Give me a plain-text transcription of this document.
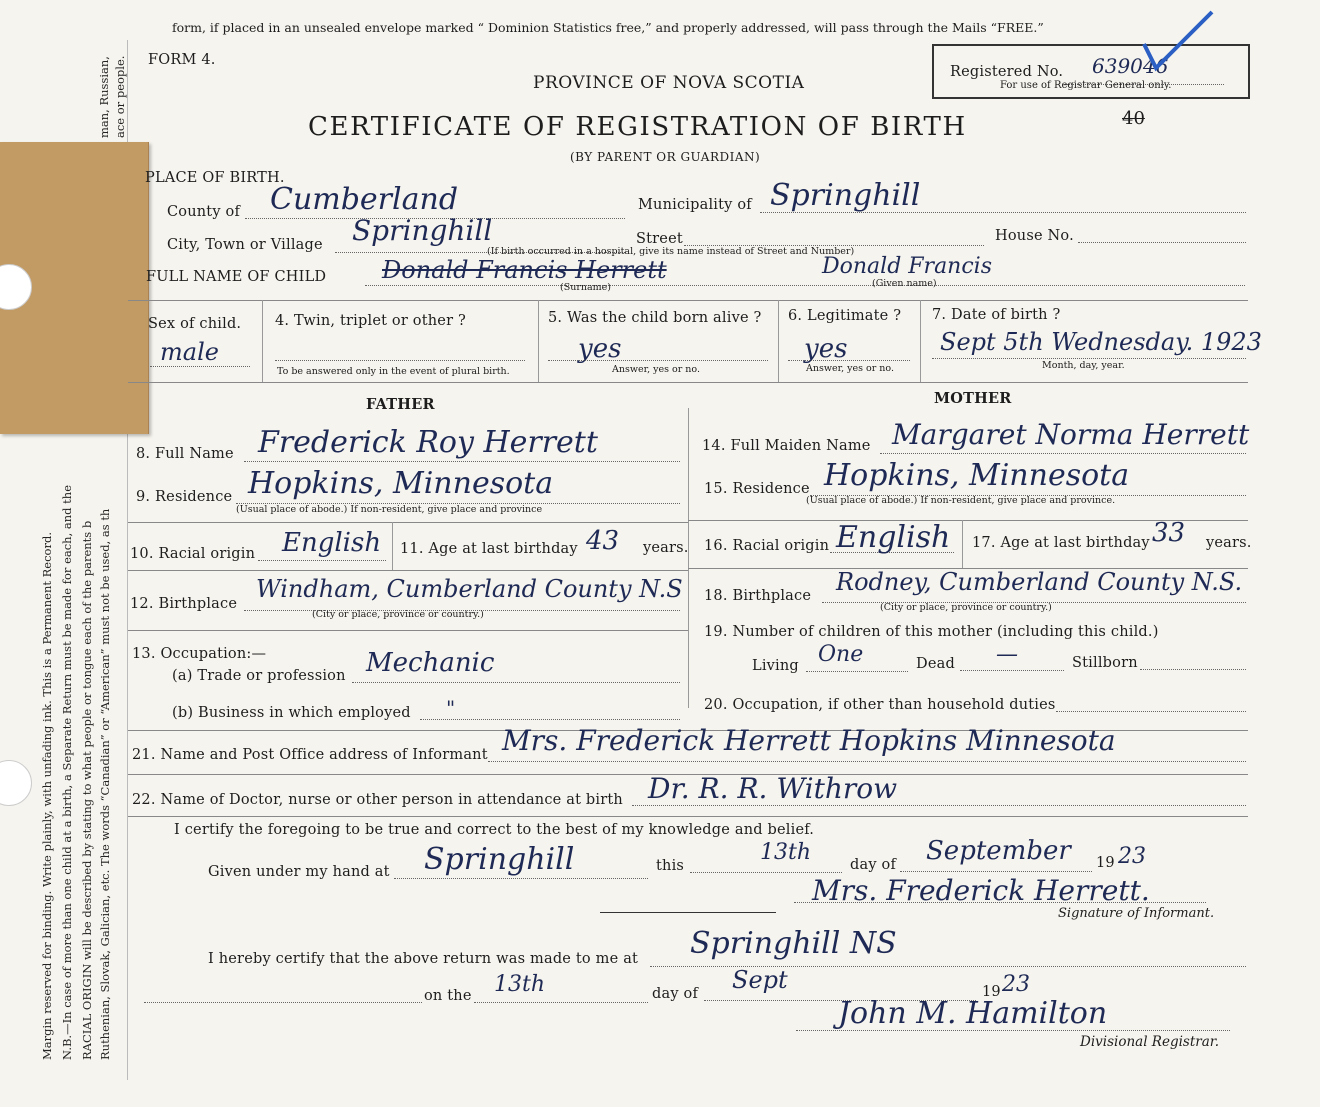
Margin reserved for binding. Write plainly, with unfading ink. This is a Permanent Record. N.B.—In case of more than one child at a birth, a Separate Return must be made for each, and the RACIAL ORIGIN will be described by stating to what people or tongue each of the parents b Ruthenian, Slovak, Galician, etc. The words “Canadian” or “American” must not be used, as th
man, Russian, ace or people.
form, if placed in an unsealed envelope marked “ Dominion Statistics free,” and properly addressed, will pass through the Mails “FREE.”
FORM 4.
PROVINCE OF NOVA SCOTIA
CERTIFICATE OF REGISTRATION OF BIRTH
(BY PARENT OR GUARDIAN)
Registered No. 639046
For use of Registrar General only.
40
PLACE OF BIRTH.
County of Cumberland	Municipality of Springhill
City, Town or Village Springhill	Street	House No.
(If birth occurred in a hospital, give its name instead of Street and Number)
FULL NAME OF CHILD Donald Francis Herrett
(Surname)
Donald Francis
(Given name)
Sex of child.
male
4. Twin, triplet or other ?
To be answered only in the event of plural birth.
5. Was the child born alive ?
yes
Answer, yes or no.
6. Legitimate ?
yes
Answer, yes or no.
7. Date of birth ?
Sept 5th Wednesday. 1923
Month, day, year.
FATHER	MOTHER
8. Full Name Frederick Roy Herrett
9. Residence Hopkins, Minnesota
(Usual place of abode.) If non-resident, give place and province
10. Racial origin English 11. Age at last birthday 43 years.
12. Birthplace
Windham, Cumberland County N.S
(City or place, province or country.)
13. Occupation:—
(a) Trade or profession Mechanic
(b) Business in which employed "
14. Full Maiden Name Margaret Norma Herrett
15. Residence Hopkins, Minnesota
(Usual place of abode.) If non-resident, give place and province.
16. Racial origin English 17. Age at last birthday 33 years.
18. Birthplace Rodney, Cumberland County N.S.
(City or place, province or country.)
19. Number of children of this mother (including this child.)
Living One	Dead —	Stillborn
20. Occupation, if other than household duties
21. Name and Post Office address of Informant Mrs. Frederick Herrett Hopkins Minnesota
22. Name of Doctor, nurse or other person in attendance at birth Dr. R. R. Withrow
I certify the foregoing to be true and correct to the best of my knowledge and belief.
Given under my hand at Springhill	this
13th	day of September 19 23
Mrs. Frederick Herrett.
Signature of Informant.
I hereby certify that the above return was made to me at Springhill NS
on the 13th	day of Sept	19 23
John M. Hamilton
Divisional Registrar.
